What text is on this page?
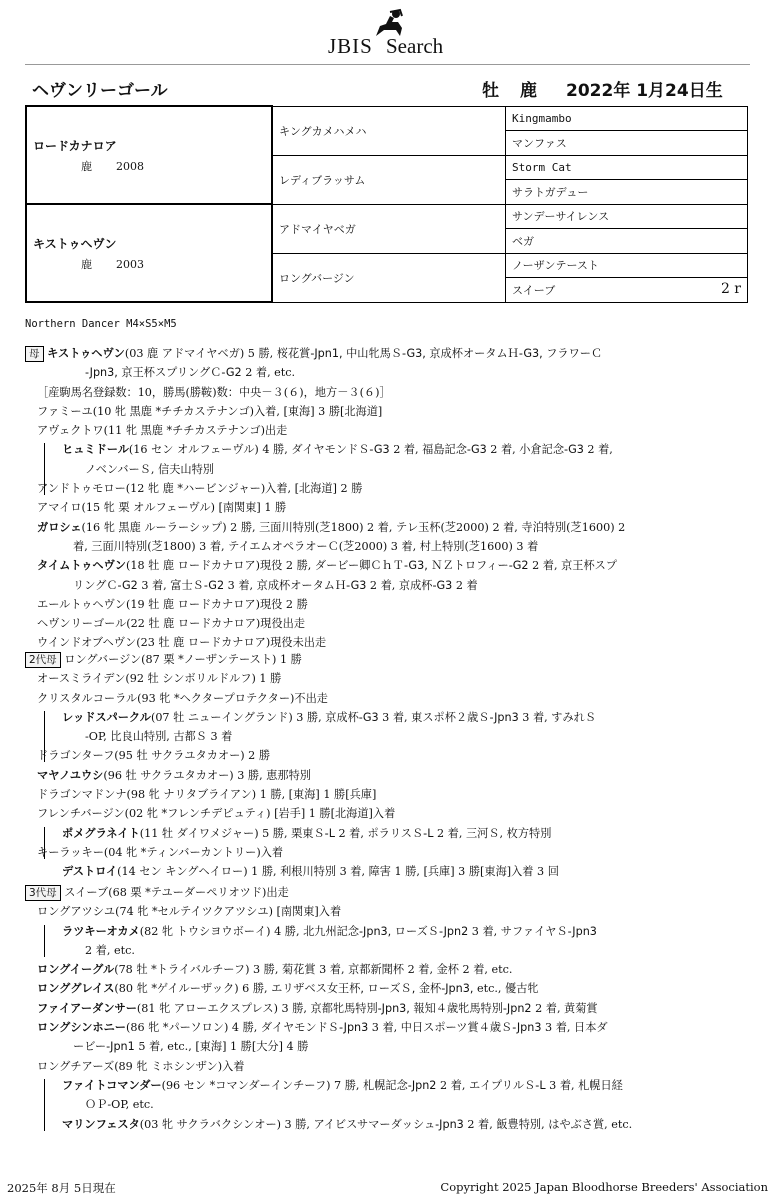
JBIS Search
ヘヴンリーゴール	牡 鹿 2022年 1月24日生
ロードカナロア
鹿 2008	キングカメハメハ	Kingmambo
		マンファス
	レディブラッサム	Storm Cat
		サラトガデュー

キストゥヘヴン
鹿 2003	アドマイヤベガ	サンデーサイレンス
		ベガ
	ロングバージン	ノーザンテースト
		スイーブ 2 r
Northern Dancer M4×S5×M5
母 キストゥヘヴン(03 鹿 アドマイヤベガ) 5 勝, 桜花賞-Jpn1, 中山牝馬Ｓ-G3, 京成杯オータムＨ-G3, フラワーＣ
-Jpn3, 京王杯スプリングＣ-G2 2 着, etc.
［産駒馬名登録数：10，勝馬(勝鞍)数：中央－３(６)，地方－３(６)］
ファミーユ(10 牝 黒鹿 *チチカステナンゴ)入着, [東海] 3 勝[北海道]
アヴェクトワ(11 牝 黒鹿 *チチカステナンゴ)出走
ヒュミドール(16 セン オルフェーヴル) 4 勝, ダイヤモンドＳ-G3 2 着, 福島記念-G3 2 着, 小倉記念-G3 2 着,
ノベンバーＳ, 信夫山特別
アンドトゥモロー(12 牝 鹿 *ハービンジャー)入着, [北海道] 2 勝
アマイロ(15 牝 栗 オルフェーヴル) [南関東] 1 勝
ガロシェ(16 牝 黒鹿 ルーラーシップ) 2 勝, 三面川特別(芝1800) 2 着, テレ玉杯(芝2000) 2 着, 寺泊特別(芝1600) 2
着, 三面川特別(芝1800) 3 着, テイエムオペラオーＣ(芝2000) 3 着, 村上特別(芝1600) 3 着
タイムトゥヘヴン(18 牡 鹿 ロードカナロア)現役 2 勝, ダービー卿ＣｈＴ-G3, ＮＺトロフィー-G2 2 着, 京王杯スプ
リングＣ-G2 3 着, 富士Ｓ-G2 3 着, 京成杯オータムＨ-G3 2 着, 京成杯-G3 2 着
エールトゥヘヴン(19 牡 鹿 ロードカナロア)現役 2 勝
ヘヴンリーゴール(22 牡 鹿 ロードカナロア)現役出走
ウインドオブヘヴン(23 牡 鹿 ロードカナロア)現役未出走
2代母 ロングバージン(87 栗 *ノーザンテースト) 1 勝
オースミライデン(92 牡 シンボリルドルフ) 1 勝
クリスタルコーラル(93 牝 *ヘクタープロテクター)不出走
レッドスパークル(07 牡 ニューイングランド) 3 勝, 京成杯-G3 3 着, 東スポ杯２歳Ｓ-Jpn3 3 着, すみれＳ
-OP, 比良山特別, 古都Ｓ 3 着
ドラゴンターフ(95 牡 サクラユタカオー) 2 勝
マヤノユウシ(96 牡 サクラユタカオー) 3 勝, 恵那特別
ドラゴンマドンナ(98 牝 ナリタブライアン) 1 勝, [東海] 1 勝[兵庫]
フレンチバージン(02 牝 *フレンチデピュティ) [岩手] 1 勝[北海道]入着
ポメグラネイト(11 牡 ダイワメジャー) 5 勝, 栗東Ｓ-L 2 着, ポラリスＳ-L 2 着, 三河Ｓ, 枚方特別
キーラッキー(04 牝 *ティンバーカントリー)入着
デストロイ(14 セン キングヘイロー) 1 勝, 利根川特別 3 着, 障害 1 勝, [兵庫] 3 勝[東海]入着 3 回
3代母 スイーブ(68 栗 *テユーダーペリオツド)出走
ロングアツシユ(74 牝 *セルテイツクアツシユ) [南関東]入着
ラツキーオカメ(82 牝 トウシヨウボーイ) 4 勝, 北九州記念-Jpn3, ローズＳ-Jpn2 3 着, サファイヤＳ-Jpn3
2 着, etc.
ロングイーグル(78 牡 *トライバルチーフ) 3 勝, 菊花賞 3 着, 京都新聞杯 2 着, 金杯 2 着, etc.
ロンググレイス(80 牝 *ゲイルーザック) 6 勝, エリザベス女王杯, ローズＳ, 金杯-Jpn3, etc., 優古牝
ファイアーダンサー(81 牝 アローエクスプレス) 3 勝, 京都牝馬特別-Jpn3, 報知４歳牝馬特別-Jpn2 2 着, 黄菊賞
ロングシンホニー(86 牝 *パーソロン) 4 勝, ダイヤモンドＳ-Jpn3 3 着, 中日スポーツ賞４歳Ｓ-Jpn3 3 着, 日本ダ
ービー-Jpn1 5 着, etc., [東海] 1 勝[大分] 4 勝
ロングチアーズ(89 牝 ミホシンザン)入着
ファイトコマンダー(96 セン *コマンダーインチーフ) 7 勝, 札幌記念-Jpn2 2 着, エイプリルＳ-L 3 着, 札幌日経
ＯＰ-OP, etc.
マリンフェスタ(03 牝 サクラバクシンオー) 3 勝, アイビスサマーダッシュ-Jpn3 2 着, 飯豊特別, はやぶさ賞, etc.
2025年 8月 5日現在	Copyright 2025 Japan Bloodhorse Breeders' Association
